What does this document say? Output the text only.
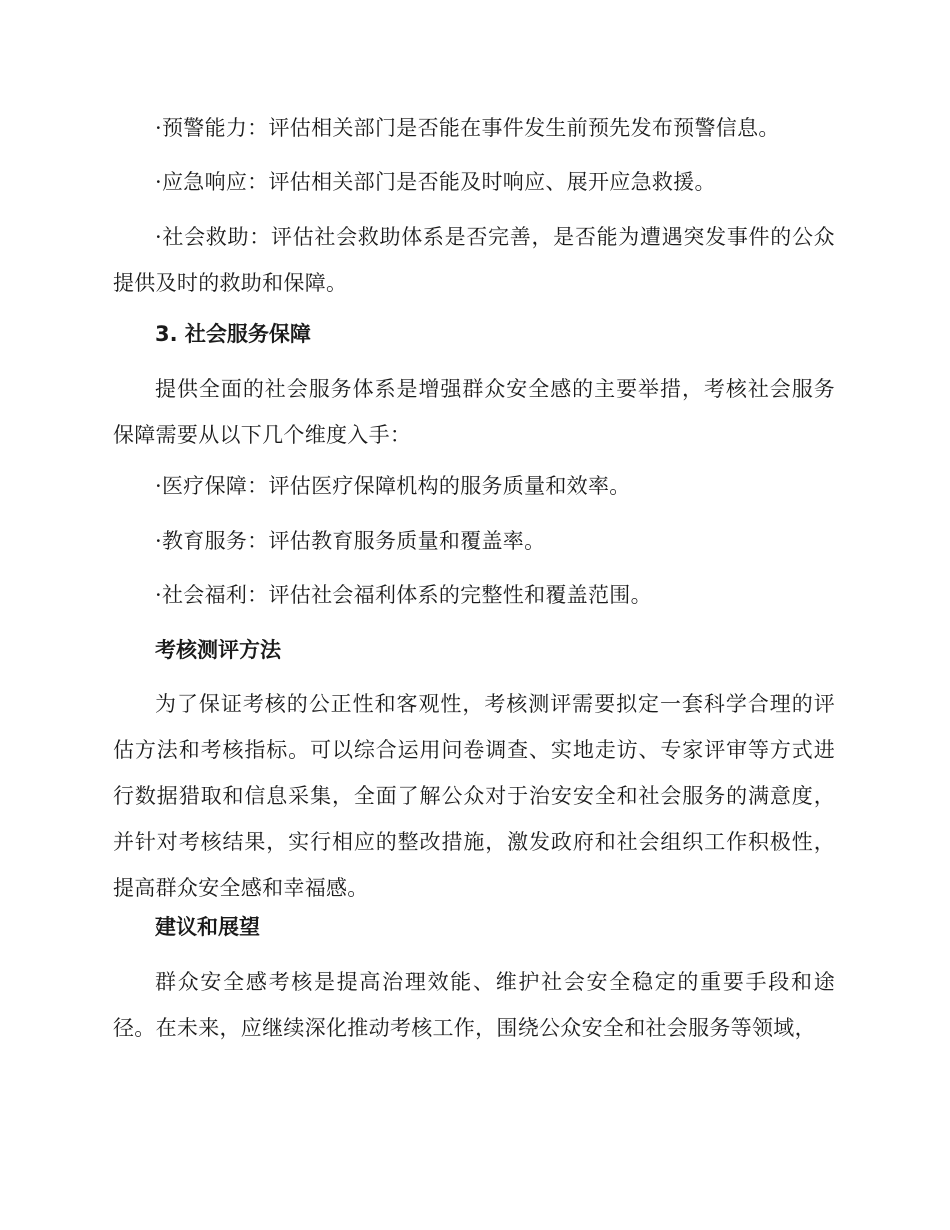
·预警能力：评估相关部门是否能在事件发生前预先发布预警信息。

·应急响应：评估相关部门是否能及时响应、展开应急救援。

·社会救助：评估社会救助体系是否完善，是否能为遭遇突发事件的公众提供及时的救助和保障。

3. 社会服务保障

提供全面的社会服务体系是增强群众安全感的主要举措，考核社会服务保障需要从以下几个维度入手：

·医疗保障：评估医疗保障机构的服务质量和效率。

·教育服务：评估教育服务质量和覆盖率。

·社会福利：评估社会福利体系的完整性和覆盖范围。

考核测评方法

为了保证考核的公正性和客观性，考核测评需要拟定一套科学合理的评估方法和考核指标。可以综合运用问卷调查、实地走访、专家评审等方式进行数据猎取和信息采集，全面了解公众对于治安安全和社会服务的满意度，并针对考核结果，实行相应的整改措施，激发政府和社会组织工作积极性，提高群众安全感和幸福感。

建议和展望

群众安全感考核是提高治理效能、维护社会安全稳定的重要手段和途径。在未来，应继续深化推动考核工作，围绕公众安全和社会服务等领域，
